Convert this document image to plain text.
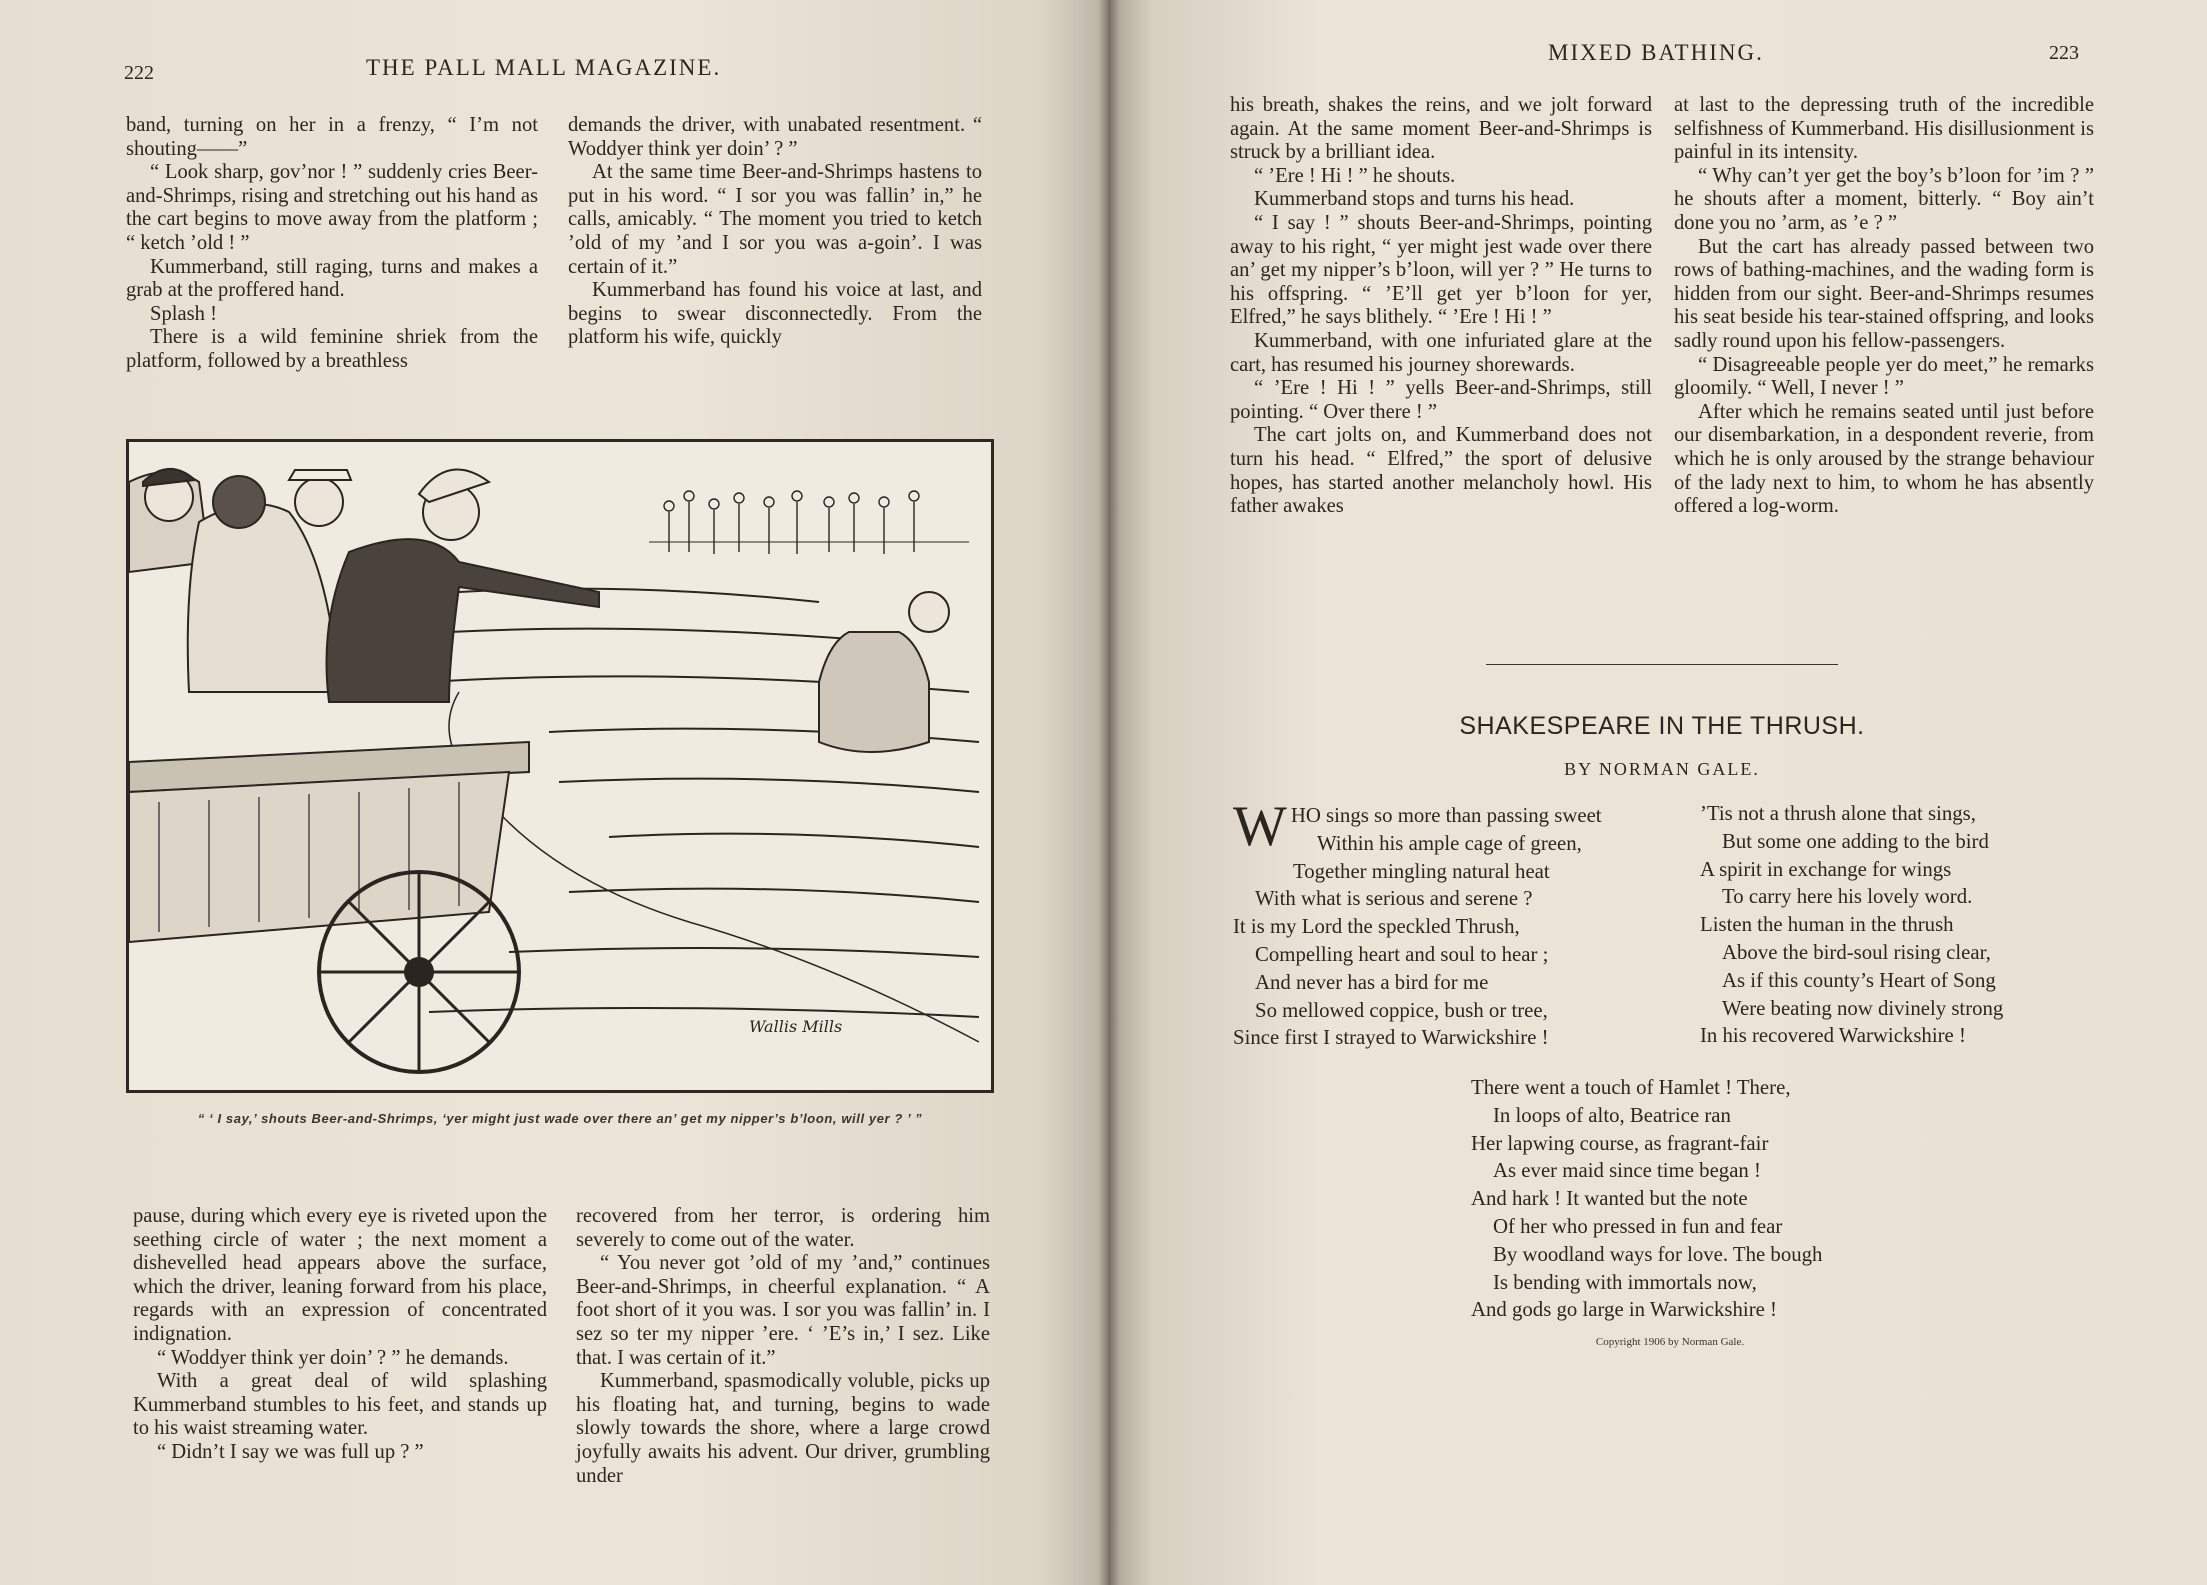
222	THE PALL MALL MAGAZINE.

band, turning on her in a frenzy, “ I’m not shouting——”

“ Look sharp, gov’nor ! ” suddenly cries Beer-and-Shrimps, rising and stretching out his hand as the cart begins to move away from the platform ; “ ketch ’old ! ”

Kummerband, still raging, turns and makes a grab at the proffered hand.

Splash !

There is a wild feminine shriek from the platform, followed by a breathless

demands the driver, with unabated resentment. “ Woddyer think yer doin’ ? ”

At the same time Beer-and-Shrimps hastens to put in his word. “ I sor you was fallin’ in,” he calls, amicably. “ The moment you tried to ketch ’old of my ’and I sor you was a-goin’. I was certain of it.”

Kummerband has found his voice at last, and begins to swear disconnectedly. From the platform his wife, quickly

Wallis Mills
“ ‘ I say,’ shouts Beer-and-Shrimps, ‘yer might just wade over there an’ get my nipper’s b’loon, will yer ? ’ ”

pause, during which every eye is riveted upon the seething circle of water ; the next moment a dishevelled head appears above the surface, which the driver, leaning forward from his place, regards with an expression of concentrated indignation.

“ Woddyer think yer doin’ ? ” he demands.

With a great deal of wild splashing Kummerband stumbles to his feet, and stands up to his waist streaming water.

“ Didn’t I say we was full up ? ”

recovered from her terror, is ordering him severely to come out of the water.

“ You never got ’old of my ’and,” continues Beer-and-Shrimps, in cheerful explanation. “ A foot short of it you was. I sor you was fallin’ in. I sez so ter my nipper ’ere. ‘ ’E’s in,’ I sez. Like that. I was certain of it.”

Kummerband, spasmodically voluble, picks up his floating hat, and turning, begins to wade slowly towards the shore, where a large crowd joyfully awaits his advent. Our driver, grumbling under

MIXED BATHING.	223

his breath, shakes the reins, and we jolt forward again. At the same moment Beer-and-Shrimps is struck by a brilliant idea.

“ ’Ere ! Hi ! ” he shouts.

Kummerband stops and turns his head.

“ I say ! ” shouts Beer-and-Shrimps, pointing away to his right, “ yer might jest wade over there an’ get my nipper’s b’loon, will yer ? ” He turns to his offspring. “ ’E’ll get yer b’loon for yer, Elfred,” he says blithely. “ ’Ere ! Hi ! ”

Kummerband, with one infuriated glare at the cart, has resumed his journey shorewards.

“ ’Ere ! Hi ! ” yells Beer-and-Shrimps, still pointing. “ Over there ! ”

The cart jolts on, and Kummerband does not turn his head. “ Elfred,” the sport of delusive hopes, has started another melancholy howl. His father awakes

at last to the depressing truth of the incredible selfishness of Kummerband. His disillusionment is painful in its intensity.

“ Why can’t yer get the boy’s b’loon for ’im ? ” he shouts after a moment, bitterly. “ Boy ain’t done you no ’arm, as ’e ? ”

But the cart has already passed between two rows of bathing-machines, and the wading form is hidden from our sight. Beer-and-Shrimps resumes his seat beside his tear-stained offspring, and looks sadly round upon his fellow-passengers.

“ Disagreeable people yer do meet,” he remarks gloomily. “ Well, I never ! ”

After which he remains seated until just before our disembarkation, in a despondent reverie, from which he is only aroused by the strange behaviour of the lady next to him, to whom he has absently offered a log-worm.

SHAKESPEARE IN THE THRUSH.
BY NORMAN GALE.
WHO sings so more than passing sweet
Within his ample cage of green,
Together mingling natural heat
With what is serious and serene ?
It is my Lord the speckled Thrush,
Compelling heart and soul to hear ;
And never has a bird for me
So mellowed coppice, bush or tree,
Since first I strayed to Warwickshire !
’Tis not a thrush alone that sings,
But some one adding to the bird
A spirit in exchange for wings
To carry here his lovely word.
Listen the human in the thrush
Above the bird-soul rising clear,
As if this county’s Heart of Song
Were beating now divinely strong
In his recovered Warwickshire !
There went a touch of Hamlet ! There,
In loops of alto, Beatrice ran
Her lapwing course, as fragrant-fair
As ever maid since time began !
And hark ! It wanted but the note
Of her who pressed in fun and fear
By woodland ways for love. The bough
Is bending with immortals now,
And gods go large in Warwickshire !
Copyright 1906 by Norman Gale.
